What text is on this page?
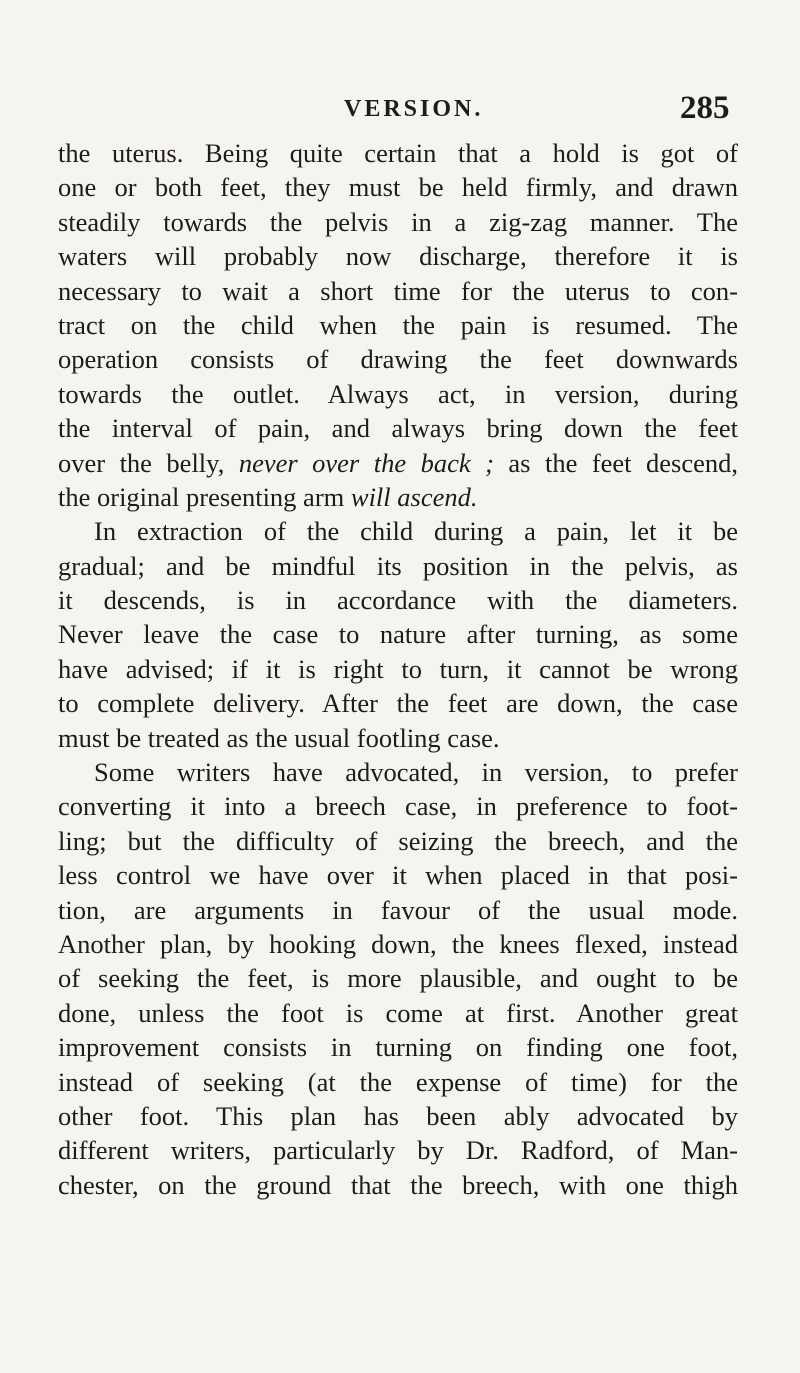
VERSION.	285
the uterus. Being quite certain that a hold is got of
one or both feet, they must be held firmly, and drawn
steadily towards the pelvis in a zig-zag manner. The
waters will probably now discharge, therefore it is
necessary to wait a short time for the uterus to con-
tract on the child when the pain is resumed. The
operation consists of drawing the feet downwards
towards the outlet. Always act, in version, during
the interval of pain, and always bring down the feet
over the belly, never over the back ; as the feet descend,
the original presenting arm will ascend.
In extraction of the child during a pain, let it be
gradual; and be mindful its position in the pelvis, as
it descends, is in accordance with the diameters.
Never leave the case to nature after turning, as some
have advised; if it is right to turn, it cannot be wrong
to complete delivery. After the feet are down, the case
must be treated as the usual footling case.
Some writers have advocated, in version, to prefer
converting it into a breech case, in preference to foot-
ling; but the difficulty of seizing the breech, and the
less control we have over it when placed in that posi-
tion, are arguments in favour of the usual mode.
Another plan, by hooking down, the knees flexed, instead
of seeking the feet, is more plausible, and ought to be
done, unless the foot is come at first. Another great
improvement consists in turning on finding one foot,
instead of seeking (at the expense of time) for the
other foot. This plan has been ably advocated by
different writers, particularly by Dr. Radford, of Man-
chester, on the ground that the breech, with one thigh
